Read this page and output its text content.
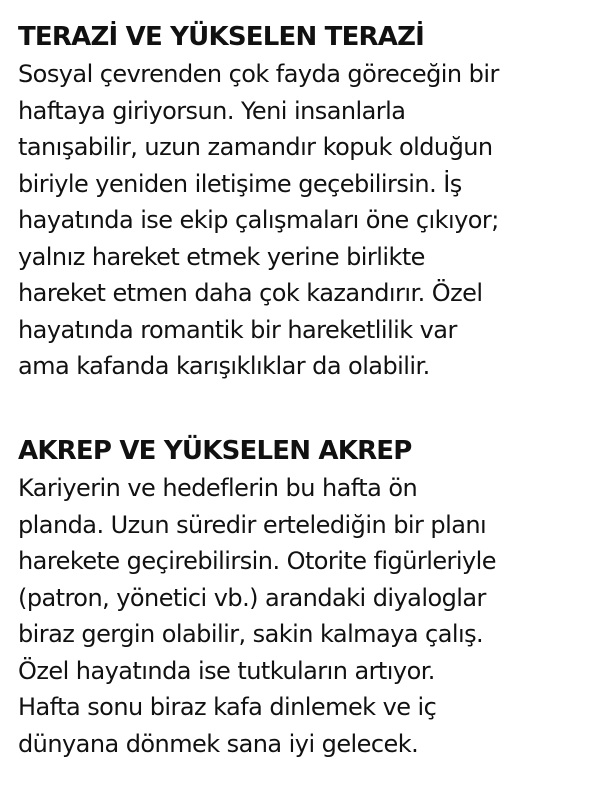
TERAZİ VE YÜKSELEN TERAZİ
Sosyal çevrenden çok fayda göreceğin bir
haftaya giriyorsun. Yeni insanlarla
tanışabilir, uzun zamandır kopuk olduğun
biriyle yeniden iletişime geçebilirsin. İş
hayatında ise ekip çalışmaları öne çıkıyor;
yalnız hareket etmek yerine birlikte
hareket etmen daha çok kazandırır. Özel
hayatında romantik bir hareketlilik var
ama kafanda karışıklıklar da olabilir.
AKREP VE YÜKSELEN AKREP
Kariyerin ve hedeflerin bu hafta ön
planda. Uzun süredir ertelediğin bir planı
harekete geçirebilirsin. Otorite figürleriyle
(patron, yönetici vb.) arandaki diyaloglar
biraz gergin olabilir, sakin kalmaya çalış.
Özel hayatında ise tutkuların artıyor.
Hafta sonu biraz kafa dinlemek ve iç
dünyana dönmek sana iyi gelecek.
